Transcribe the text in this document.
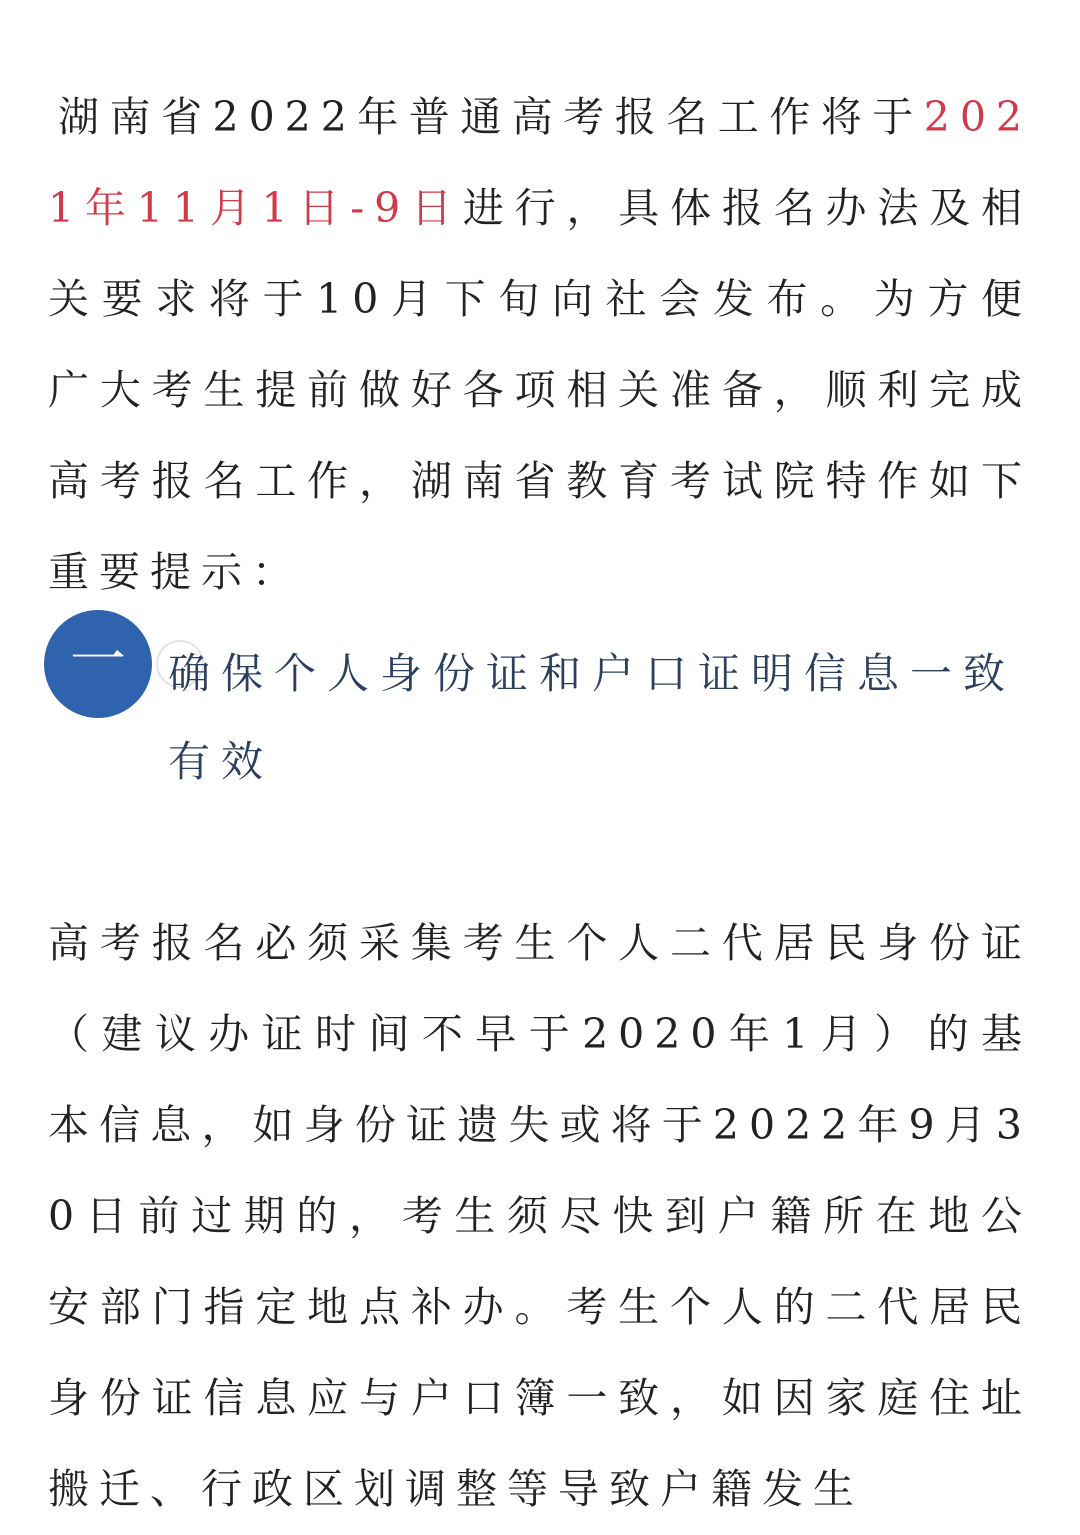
湖南省2022年普通高考报名工作将于2021年11月1日-9日进行，具体报名办法及相关要求将于10月下旬向社会发布。为方便广大考生提前做好各项相关准备，顺利完成高考报名工作，湖南省教育考试院特作如下重要提示：

一 确保个人身份证和户口证明信息一致有效

高考报名必须采集考生个人二代居民身份证（建议办证时间不早于2020年1月）的基本信息，如身份证遗失或将于2022年9月30日前过期的，考生须尽快到户籍所在地公安部门指定地点补办。考生个人的二代居民身份证信息应与户口簿一致，如因家庭住址搬迁、行政区划调整等导致户籍发生
